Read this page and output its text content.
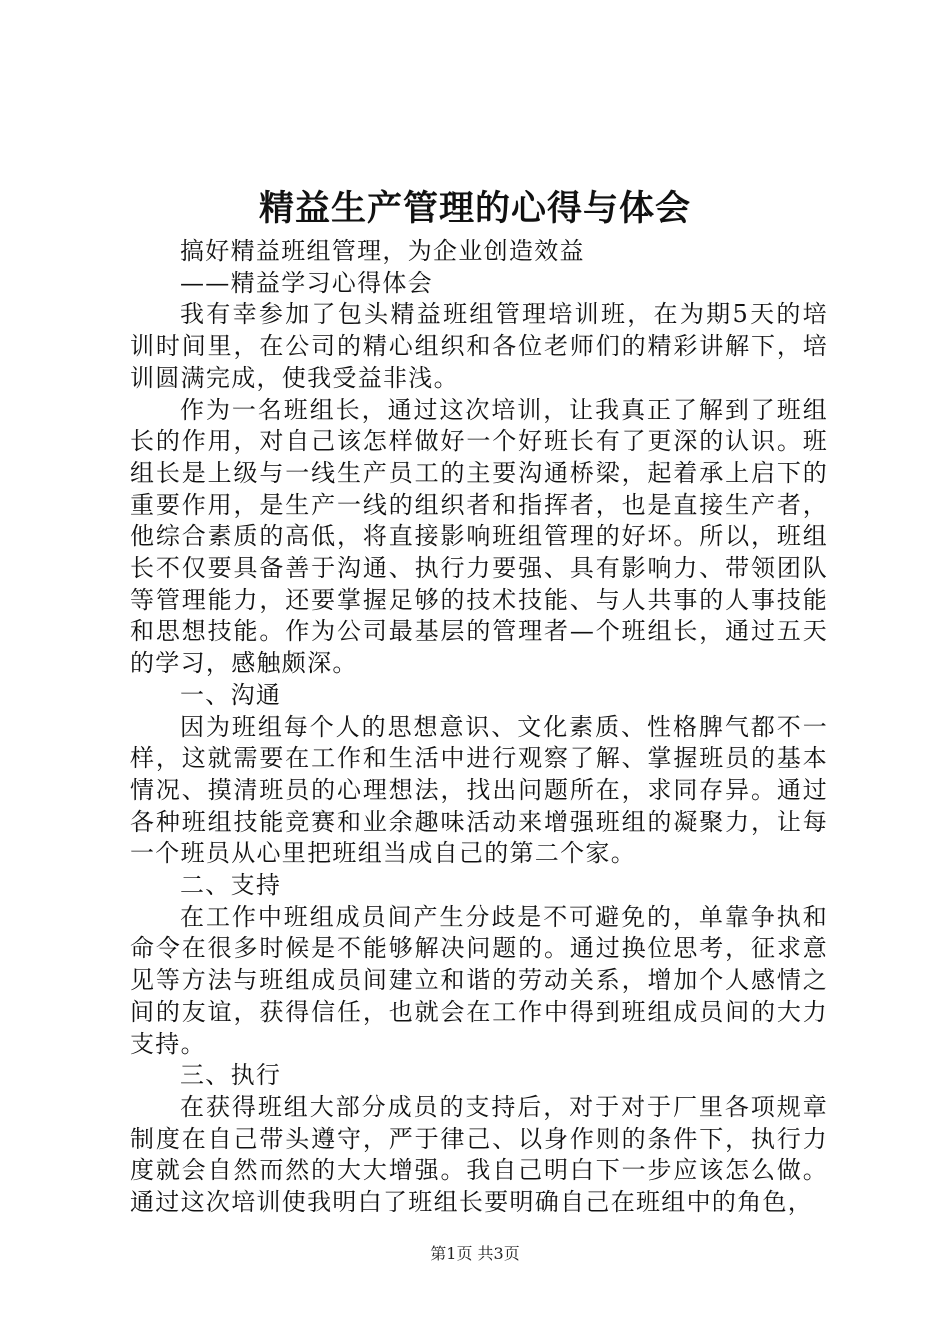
精益生产管理的心得与体会

搞好精益班组管理，为企业创造效益

——精益学习心得体会

我有幸参加了包头精益班组管理培训班，在为期5天的培训时间里，在公司的精心组织和各位老师们的精彩讲解下，培训圆满完成，使我受益非浅。

作为一名班组长，通过这次培训，让我真正了解到了班组长的作用，对自己该怎样做好一个好班长有了更深的认识。班组长是上级与一线生产员工的主要沟通桥梁，起着承上启下的重要作用，是生产一线的组织者和指挥者，也是直接生产者，他综合素质的高低，将直接影响班组管理的好坏。所以，班组长不仅要具备善于沟通、执行力要强、具有影响力、带领团队等管理能力，还要掌握足够的技术技能、与人共事的人事技能和思想技能。作为公司最基层的管理者—个班组长，通过五天的学习，感触颇深。

一、沟通

因为班组每个人的思想意识、文化素质、性格脾气都不一样，这就需要在工作和生活中进行观察了解、掌握班员的基本情况、摸清班员的心理想法，找出问题所在，求同存异。通过各种班组技能竞赛和业余趣味活动来增强班组的凝聚力，让每一个班员从心里把班组当成自己的第二个家。

二、支持

在工作中班组成员间产生分歧是不可避免的，单靠争执和命令在很多时候是不能够解决问题的。通过换位思考，征求意见等方法与班组成员间建立和谐的劳动关系，增加个人感情之间的友谊，获得信任，也就会在工作中得到班组成员间的大力支持。

三、执行

在获得班组大部分成员的支持后，对于对于厂里各项规章制度在自己带头遵守，严于律己、以身作则的条件下，执行力度就会自然而然的大大增强。我自己明白下一步应该怎么做。通过这次培训使我明白了班组长要明确自己在班组中的角色，

第1页 共3页
